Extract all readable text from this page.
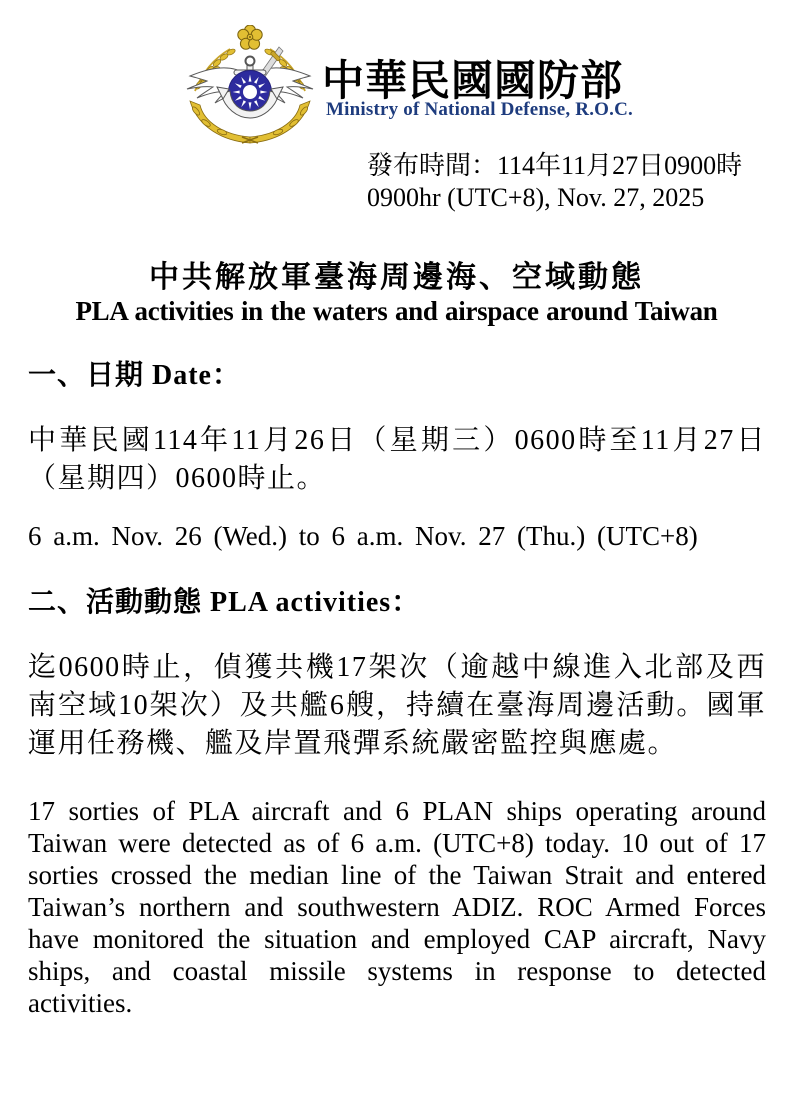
中華民國國防部
Ministry of National Defense, R.O.C.
發布時間：114年11月27日0900時
0900hr (UTC+8), Nov. 27, 2025
中共解放軍臺海周邊海、空域動態
PLA activities in the waters and airspace around Taiwan
一、日期 Date：

中華民國114年11月26日（星期三）0600時至11月27日（星期四）0600時止。

6 a.m. Nov. 26 (Wed.) to 6 a.m. Nov. 27 (Thu.) (UTC+8)

二、活動動態 PLA activities：

迄0600時止，偵獲共機17架次（逾越中線進入北部及西南空域10架次）及共艦6艘，持續在臺海周邊活動。國軍運用任務機、艦及岸置飛彈系統嚴密監控與應處。

17 sorties of PLA aircraft and 6 PLAN ships operating around Taiwan were detected as of 6 a.m. (UTC+8) today. 10 out of 17 sorties crossed the median line of the Taiwan Strait and entered Taiwan’s northern and southwestern ADIZ. ROC Armed Forces have monitored the situation and employed CAP aircraft, Navy ships, and coastal missile systems in response to detected activities.
